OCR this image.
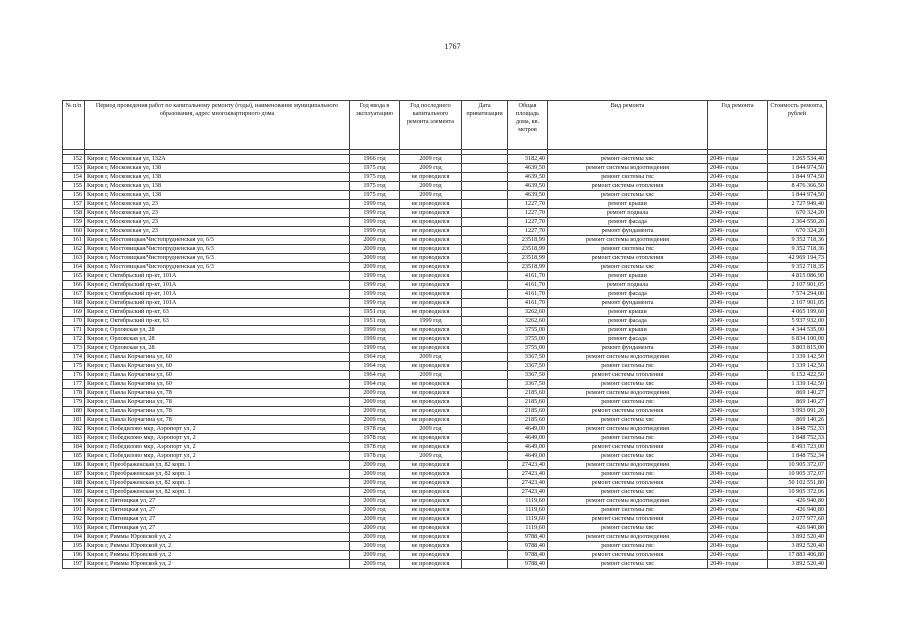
1767
№ п/п	Период проведения работ по капитальному ремонту (годы), наименование муниципального образования, адрес многоквартирного дома	Год ввода в эксплуатацию	Год последнего капитального ремонта элемента	Дата приватизации	Общая площадь дома, кв. метров	Вид ремонта	Год ремонта	Стоимость ремонта, рублей

152	Киров г, Московская ул, 132А	1966 год	2009 год		3182,40	ремонт системы хвс	2049- годы	1 265 534,40
153	Киров г, Московская ул, 138	1975 год	2009 год		4639,50	ремонт системы водоотведения	2049- годы	1 844 974,50
154	Киров г, Московская ул, 138	1975 год	не проводился		4639,50	ремонт системы гвс	2049- годы	1 844 974,50
155	Киров г, Московская ул, 138	1975 год	2009 год		4639,50	ремонт системы отопления	2049- годы	8 476 366,50
156	Киров г, Московская ул, 138	1975 год	2009 год		4639,50	ремонт системы хвс	2049- годы	1 844 974,50
157	Киров г, Московская ул, 23	1999 год	не проводился		1227,70	ремонт крыши	2049- годы	2 727 949,40
158	Киров г, Московская ул, 23	1999 год	не проводился		1227,70	ремонт подвала	2049- годы	670 324,20
159	Киров г, Московская ул, 23	1999 год	не проводился		1227,70	ремонт фасада	2049- годы	2 364 550,20
160	Киров г, Московская ул, 23	1999 год	не проводился		1227,70	ремонт фундамента	2049- годы	670 324,20
161	Киров г, Мостовицкая/Чистопрудненская ул, 6/3	2009 год	не проводился		23518,99	ремонт системы водоотведения	2049- годы	9 352 718,36
162	Киров г, Мостовицкая/Чистопрудненская ул, 6/3	2009 год	не проводился		23518,99	ремонт системы гвс	2049- годы	9 352 718,36
163	Киров г, Мостовицкая/Чистопрудненская ул, 6/3	2009 год	не проводился		23518,99	ремонт системы отопления	2049- годы	42 969 194,73
164	Киров г, Мостовицкая/Чистопрудненская ул, 6/3	2009 год	не проводился		23518,99	ремонт системы хвс	2049- годы	9 352 718,35
165	Киров г, Октябрьский пр-кт, 101А	1999 год	не проводился		4161,70	ремонт крыши	2049- годы	4 815 086,90
166	Киров г, Октябрьский пр-кт, 101А	1999 год	не проводился		4161,70	ремонт подвала	2049- годы	2 107 901,05
167	Киров г, Октябрьский пр-кт, 101А	1999 год	не проводился		4161,70	ремонт фасада	2049- годы	7 574 294,00
168	Киров г, Октябрьский пр-кт, 101А	1999 год	не проводился		4161,70	ремонт фундамента	2049- годы	2 107 901,05
169	Киров г, Октябрьский пр-кт, 63	1951 год	не проводился		3262,60	ремонт крыши	2049- годы	4 065 199,60
170	Киров г, Октябрьский пр-кт, 63	1951 год	1999 год		3262,60	ремонт фасада	2049- годы	5 937 932,00
171	Киров г, Орловская ул, 28	1999 год	не проводился		3755,00	ремонт крыши	2049- годы	4 344 535,00
172	Киров г, Орловская ул, 28	1999 год	не проводился		3755,00	ремонт фасада	2049- годы	6 834 100,00
173	Киров г, Орловская ул, 28	1999 год	не проводился		3755,00	ремонт фундамента	2049- годы	3 803 815,00
174	Киров г, Павла Корчагина ул, 60	1964 год	2009 год		3367,50	ремонт системы водоотведения	2049- годы	1 339 142,50
175	Киров г, Павла Корчагина ул, 60	1964 год	не проводился		3367,50	ремонт системы гвс	2049- годы	1 339 142,50
176	Киров г, Павла Корчагина ул, 60	1964 год	2009 год		3367,50	ремонт системы отопления	2049- годы	6 152 422,50
177	Киров г, Павла Корчагина ул, 60	1964 год	не проводился		3367,50	ремонт системы хвс	2049- годы	1 339 142,50
178	Киров г, Павла Корчагина ул, 78	2009 год	не проводился		2185,60	ремонт системы водоотведения	2049- годы	869 140,27
179	Киров г, Павла Корчагина ул, 78	2009 год	не проводился		2185,60	ремонт системы гвс	2049- годы	869 140,27
180	Киров г, Павла Корчагина ул, 78	2009 год	не проводился		2185,60	ремонт системы отопления	2049- годы	3 993 091,20
181	Киров г, Павла Корчагина ул, 78	2009 год	не проводился		2185,60	ремонт системы хвс	2049- годы	869 140,26
182	Киров г, Победилово мкр, Аэропорт ул, 2	1978 год	2009 год		4649,00	ремонт системы водоотведения	2049- годы	1 848 752,33
183	Киров г, Победилово мкр, Аэропорт ул, 2	1978 год	не проводился		4649,00	ремонт системы гвс	2049- годы	1 848 752,33
184	Киров г, Победилово мкр, Аэропорт ул, 2	1978 год	не проводился		4649,00	ремонт системы отопления	2049- годы	8 493 723,00
185	Киров г, Победилово мкр, Аэропорт ул, 2	1978 год	2009 год		4649,00	ремонт системы хвс	2049- годы	1 848 752,34
186	Киров г, Преображенская ул, 82 корп. 1	2009 год	не проводился		27423,40	ремонт системы водоотведения	2049- годы	10 905 372,07
187	Киров г, Преображенская ул, 82 корп. 1	2009 год	не проводился		27423,40	ремонт системы гвс	2049- годы	10 905 372,07
188	Киров г, Преображенская ул, 82 корп. 1	2009 год	не проводился		27423,40	ремонт системы отопления	2049- годы	50 102 551,80
189	Киров г, Преображенская ул, 82 корп. 1	2009 год	не проводился		27423,40	ремонт системы хвс	2049- годы	10 905 372,06
190	Киров г, Пятницкая ул, 27	2009 год	не проводился		1119,60	ремонт системы водоотведения	2049- годы	426 940,80
191	Киров г, Пятницкая ул, 27	2009 год	не проводился		1119,60	ремонт системы гвс	2049- годы	426 940,80
192	Киров г, Пятницкая ул, 27	2009 год	не проводился		1119,60	ремонт системы отопления	2049- годы	2 077 977,60
193	Киров г, Пятницкая ул, 27	2009 год	не проводился		1119,60	ремонт системы хвс	2049- годы	426 940,80
194	Киров г, Риммы Юровской ул, 2	2009 год	не проводился		9788,40	ремонт системы водоотведения	2049- годы	3 892 520,40
195	Киров г, Риммы Юровской ул, 2	2009 год	не проводился		9788,40	ремонт системы гвс	2049- годы	3 892 520,40
196	Киров г, Риммы Юровской ул, 2	2009 год	не проводился		9788,40	ремонт системы отопления	2049- годы	17 883 406,80
197	Киров г, Риммы Юровской ул, 2	2009 год	не проводился		9788,40	ремонт системы хвс	2049- годы	3 892 520,40
